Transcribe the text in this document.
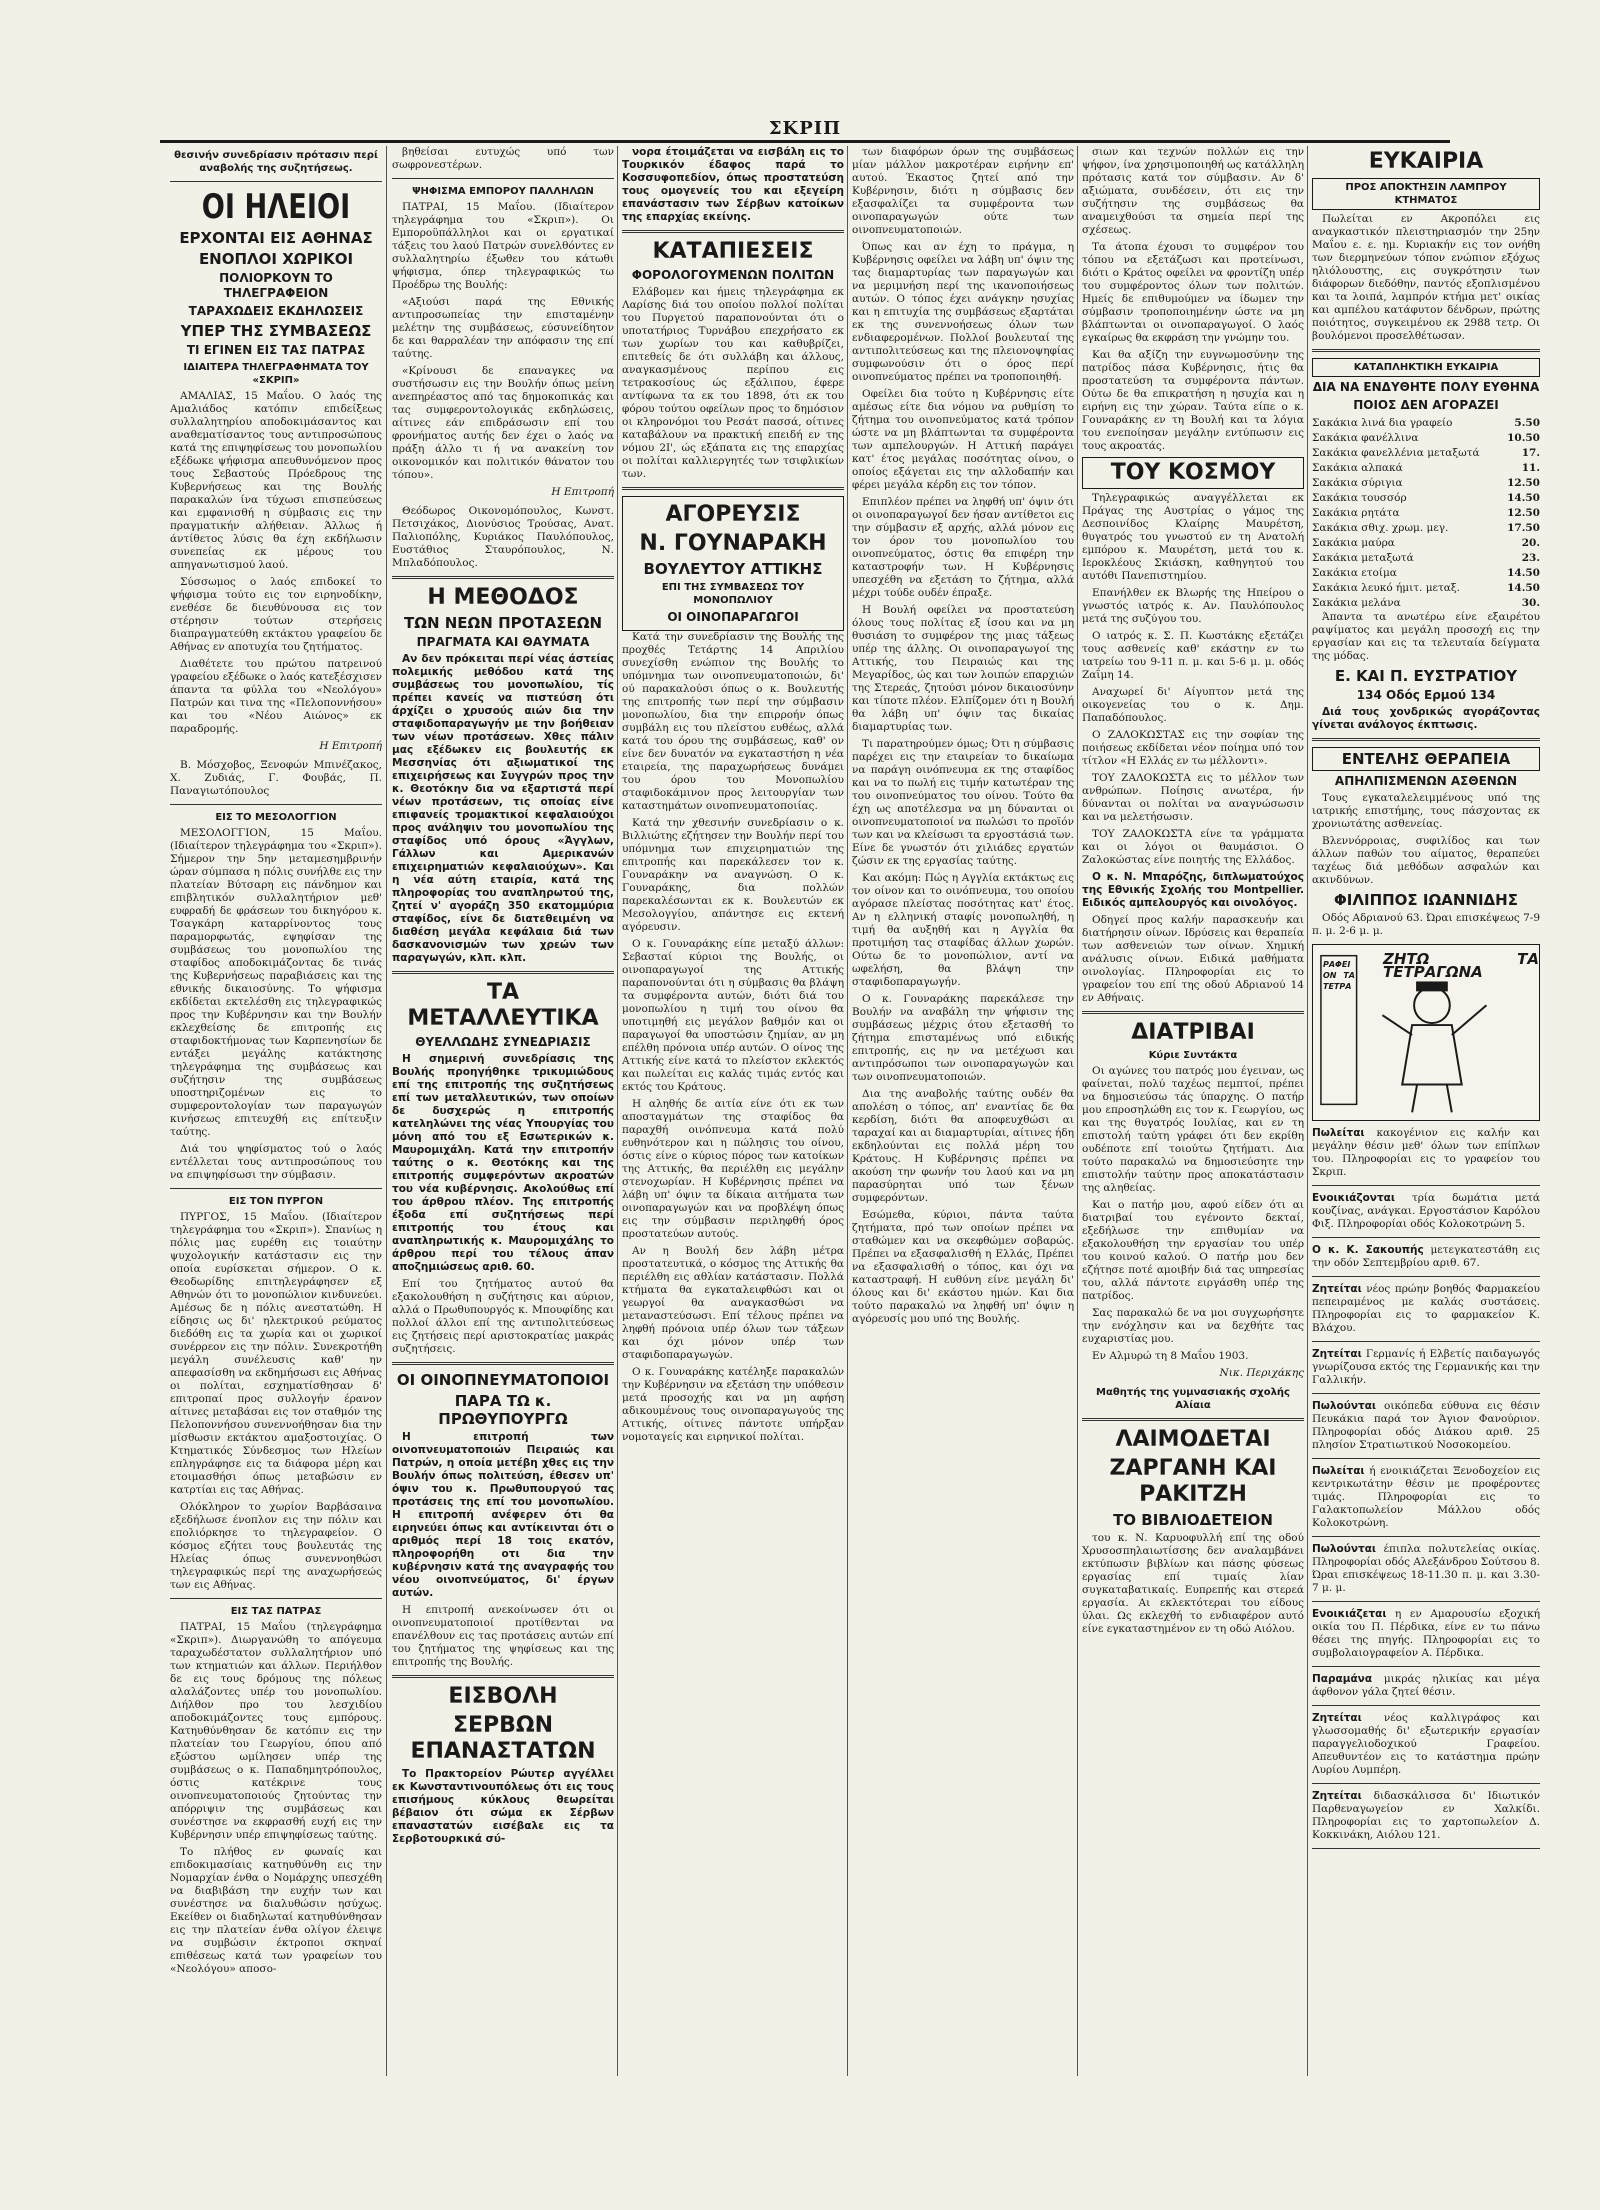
ΣΚΡΙΠ
θεσινήν συνεδρίασιν πρότασιν περί αναβολής της συζητήσεως.
ΟΙ ΗΛΕΙΟΙ
ΕΡΧΟΝΤΑΙ ΕΙΣ ΑΘΗΝΑΣ
ΕΝΟΠΛΟΙ ΧΩΡΙΚΟΙ
ΠΟΛΙΟΡΚΟΥΝ ΤΟ ΤΗΛΕΓΡΑΦΕΙΟΝ
ΤΑΡΑΧΩΔΕΙΣ ΕΚΔΗΛΩΣΕΙΣ
ΥΠΕΡ ΤΗΣ ΣΥΜΒΑΣΕΩΣ
ΤΙ ΕΓΙΝΕΝ ΕΙΣ ΤΑΣ ΠΑΤΡΑΣ
ΙΔΙΑΙΤΕΡΑ ΤΗΛΕΓΡΑΦΗΜΑΤΑ ΤΟΥ «ΣΚΡΙΠ»

ΑΜΑΛΙΑΣ, 15 Μαΐου. Ο λαός της Αμαλιάδος κατόπιν επιδείξεως συλλαλητηρίου αποδοκιμάσαντος και αναθεματίσαντος τους αντιπροσώπους κατά της επιψηφίσεως του μονοπωλίου εξέδωκε ψήφισμα απευθυνόμενον προς τους Σεβαστούς Πρόεδρους της Κυβερνήσεως και της Βουλής παρακαλών ίνα τύχωσι επισπεύσεως και εμφανισθή η σύμβασις εις την πραγματικήν αλήθειαν. Άλλως ή άντίθετος λύσις θα έχη εκδήλωσιν συνεπείας εκ μέρους του απηγανωτισμού λαού.

Σύσσωμος ο λαός επιδοκεί το ψήφισμα τούτο εις τον ειρηνοδίκην, ενεθέσε δε διευθύνουσα εις τον στέρησιν τούτων στερήσεις διαπραγματεύθη εκτάκτου γραφείου δε Αθήνας εν αποτυχία του ζητήματος.

Διαθέτετε του πρώτου πατρεινού γραφείου εξέδωκε ο λαός κατεξέσχισεν άπαντα τα φύλλα του «Νεολόγου» Πατρών και τινα της «Πελοποννήσου» και του «Νέου Αιώνος» εκ παραδρομής.

Η Επιτροπή

Β. Μόσχοβος, Ξενοφών Μπινέζακος, Χ. Ζυδιάς, Γ. Φουβάς, Π. Παναγιωτόπουλος

ΕΙΣ ΤΟ ΜΕΣΟΛΟΓΓΙΟΝ

ΜΕΣΟΛΟΓΓΙΟΝ, 15 Μαΐου. (Ιδιαίτερον τηλεγράφημα του «Σκριπ»). Σήμερον την 5ην μεταμεσημβρινήν ώραν σύμπασα η πόλις συνήλθε εις την πλατείαν Βύτσαρη εις πάνδημον και επιβλητικόν συλλαλητήριον μεθ' ευφραδή δε φράσεων του δικηγόρου κ. Τσαγκάρη καταρρίνοντος τους παραμορφωτάς, εψηφίσαν της συμβάσεως του μονοπωλίου της σταφίδος αποδοκιμάζοντας δε τινάς της Κυβερνήσεως παραβιάσεις και της εθνικής δικαιοσύνης. Το ψήφισμα εκδίδεται εκτελέσθη εις τηλεγραφικώς προς την Κυβέρνησιν και την Βουλήν εκλεχθείσης δε επιτροπής εις σταφιδοκτήμονας των Καρπενησίων δε εντάξει μεγάλης κατάκτησης τηλεγράφημα της συμβάσεως και συζήτησιν της συμβάσεως υποστηριζομένων εις το συμφεροντολογίαν των παραγωγών κινήσεως επιτευχθή εις επίτευξιν ταύτης.

Διά του ψηφίσματος τού ο λαός εντέλλεται τους αντιπροσώπους του να επιψηφίσωσι την σύμβασιν.

ΕΙΣ ΤΟΝ ΠΥΡΓΟΝ

ΠΥΡΓΟΣ, 15 Μαΐου. (Ιδιαίτερον τηλεγράφημα του «Σκριπ»). Σπανίως η πόλις μας ευρέθη εις τοιαύτην ψυχολογικήν κατάστασιν εις την οποία ευρίσκεται σήμερον. Ο κ. Θεοδωρίδης επιτηλεγράφησεν εξ Αθηνών ότι το μονοπώλιον κινδυνεύει. Αμέσως δε η πόλις ανεστατώθη. Η είδησις ως δι' ηλεκτρικού ρεύματος διεδόθη εις τα χωρία και οι χωρικοί συνέρρεον εις την πόλιν. Συνεκροτήθη μεγάλη συνέλευσις καθ' ην απεφασίσθη να εκδημήσωσι εις Αθήνας οι πολίται, εσχηματίσθησαν δ' επιτροπαί προς συλλογήν έρανον αίτινες μεταβάσαι εις τον σταθμόν της Πελοποννήσου συνεννοήθησαν δια την μίσθωσιν εκτάκτου αμαξοστοιχίας. Ο Κτηματικός Σύνδεσμος των Ηλείων επληγράφησε εις τα διάφορα μέρη και ετοιμασθήσι όπως μεταβώσιν εν κατρτίαι εις τας Αθήνας.

Ολόκληρον το χωρίον Βαρβάσαινα εξεδήλωσε ένοπλον εις την πόλιν και επολιόρκησε το τηλεγραφείον. Ο κόσμος εζήτει τους βουλευτάς της Ηλείας όπως συνεννοηθώσι τηλεγραφικώς περί της αναχωρήσεώς των εις Αθήνας.

ΕΙΣ ΤΑΣ ΠΑΤΡΑΣ

ΠΑΤΡΑΙ, 15 Μαΐου (τηλεγράφημα «Σκριπ»). Διωργανώθη το απόγευμα ταραχωδέστατον συλλαλητήριον υπό των κτηματιών και άλλων. Περιήλθον δε εις τους δρόμους της πόλεως αλαλάζοντες υπέρ του μονοπωλίου. Διήλθον προ του λεσχιδίου αποδοκιμάζοντες τους εμπόρους. Κατηυθύνθησαν δε κατόπιν εις την πλατείαν του Γεωργίου, όπου από εξώστου ωμίλησεν υπέρ της συμβάσεως ο κ. Παπαδημητρόπουλος, όστις κατέκρινε τους οινοπνευματοποιούς ζητούντας την απόρριψιν της συμβάσεως και συνέστησε να εκφρασθή ευχή εις την Κυβέρνησιν υπέρ επιψηφίσεως ταύτης.

Το πλήθος εν φωναίς και επιδοκιμασίαις κατηυθύνθη εις την Νομαρχίαν ένθα ο Νομάρχης υπεσχέθη να διαβιβάση την ευχήν των και συνέστησε να διαλυθώσιν ησύχως. Εκείθεν οι διαδηλωταί κατηυθύνθησαν εις την πλατείαν ένθα ολίγον έλειψε να συμβώσιν έκτροποι σκηναί επιθέσεως κατά των γραφείων του «Νεολόγου» αποσο-

βηθείσαι ευτυχώς υπό των σωφρονεστέρων.

ΨΗΦΙΣΜΑ ΕΜΠΟΡΟΥ ΠΑΛΛΗΛΩΝ

ΠΑΤΡΑΙ, 15 Μαΐου. (Ιδιαίτερον τηλεγράφημα του «Σκριπ»). Οι Εμποροϋπάλληλοι και οι εργατικαί τάξεις του λαού Πατρών συνελθόντες εν συλλαλητηρίω έξωθεν του κάτωθι ψήφισμα, όπερ τηλεγραφικώς τω Προέδρω της Βουλής:

«Αξιούσι παρά της Εθνικής αντιπροσωπείας την επισταμένην μελέτην της συμβάσεως, εύσυνείδητον δε και θαρραλέαν την απόφασιν της επί ταύτης.

«Κρίνουσι δε επαναγκες να συστήσωσιν εις την Βουλήν όπως μείνη ανεπηρέαστος από τας δημοκοπικάς και τας συμφεροντολογικάς εκδηλώσεις, αίτινες εάν επιδράσωσιν επί του φρονήματος αυτής δεν έχει ο λαός να πράξη άλλο τι ή να ανακείνη τον οικονομικόν και πολιτικόν θάνατον του τόπου».

Η Επιτροπή

Θεόδωρος Οικονομόπουλος, Κωνστ. Πετσιχάκος, Διονύσιος Τρούσας, Ανατ. Παλιοπόλης, Κυριάκος Παυλόπουλος, Ευστάθιος Σταυρόπουλος, Ν. Μπλαδόπουλος.

Η ΜΕΘΟΔΟΣ
ΤΩΝ ΝΕΩΝ ΠΡΟΤΑΣΕΩΝ
ΠΡΑΓΜΑΤΑ ΚΑΙ ΘΑΥΜΑΤΑ

Αν δεν πρόκειται περί νέας άστείας πολεμικής μεθόδου κατά της συμβάσεως του μονοπωλίου, τίς πρέπει κανείς να πιστεύση ότι άρχίζει ο χρυσούς αιών δια την σταφιδοπαραγωγήν με την βοήθειαν των νέων προτάσεων. Χθες πάλιν μας εξέδωκεν εις βουλευτής εκ Μεσσηνίας ότι αξιωματικοί της επιχειρήσεως και Συγγρών προς την κ. Θεοτόκην δια να εξαρτιστά περί νέων προτάσεων, τις οποίας είνε επιφανείς τρομακτικοί κεφαλαιούχοι προς ανάληψιν του μονοπωλίου της σταφίδος υπό όρους «Άγγλων, Γάλλων και Αμερικανών επιχειρηματιών κεφαλαιούχων». Και η νέα αύτη εταιρία, κατά της πληροφορίας του αναπληρωτού της, ζητεί ν' αγοράζη 350 εκατομμύρια σταφίδος, είνε δε διατεθειμένη να διαθέση μεγάλα κεφάλαια διά των δασκανονισμών των χρεών των παραγωγών, κλπ. κλπ.

ΤΑ ΜΕΤΑΛΛΕΥΤΙΚΑ
ΘΥΕΛΛΩΔΗΣ ΣΥΝΕΔΡΙΑΣΙΣ

Η σημερινή συνεδρίασις της Βουλής προηγήθηκε τρικυμιώδους επί της επιτροπής της συζητήσεως επί των μεταλλευτικών, των οποίων δε δυσχερώς η επιτροπής κατεληλώνει της νέας Υπουργίας του μόνη από του εξ Εσωτερικών κ. Μαυρομιχάλη. Κατά την επιτροπήν ταύτης ο κ. Θεοτόκης και της επιτροπής συμφερόντων ακροατών του νέα κυβέρνησις. Ακολούθως επί του άρθρου πλέον. Της επιτροπής έξοδα επί συζητήσεως περί επιτροπής του έτους και αναπληρωτικής κ. Μαυρομιχάλης το άρθρου περί του τέλους άπαν αποζημιώσεως αριθ. 60.

Επί του ζητήματος αυτού θα εξακολουθήση η συζήτησις και αύριον, αλλά ο Πρωθυπουργός κ. Μπουφίδης και πολλοί άλλοι επί της αντιπολιτεύσεως εις ζητήσεις περί αριστοκρατίας μακράς συζητήσεις.

ΟΙ ΟΙΝΟΠΝΕΥΜΑΤΟΠΟΙΟΙ
ΠΑΡΑ ΤΩ κ. ΠΡΩΘΥΠΟΥΡΓΩ

Η επιτροπή των οινοπνευματοποιών Πειραιώς και Πατρών, η οποία μετέβη χθες εις την Βουλήν όπως πολιτεύση, έθεσεν υπ' όψιν του κ. Πρωθυπουργού τας προτάσεις της επί του μονοπωλίου. Η επιτροπή ανέφερεν ότι θα ειρηνεύει όπως και αντίκεινται ότι ο αριθμός περί 18 τοις εκατόν, πληροφορήθη οτι δια την κυβέρνησιν κατά της αναγραφής του νέου οινοπνεύματος, δι' έργων αυτών.

Η επιτροπή ανεκοίνωσεν ότι οι οινοπνευματοποιοί προτίθενται να επανέλθουν εις τας προτάσεις αυτών επί του ζητήματος της ψηφίσεως και της επιτροπής της Βουλής.

ΕΙΣΒΟΛΗ
ΣΕΡΒΩΝ ΕΠΑΝΑΣΤΑΤΩΝ

Το Πρακτορείον Ρώυτερ αγγέλλει εκ Κωνσταντινουπόλεως ότι εις τους επισήμους κύκλους θεωρείται βέβαιον ότι σώμα εκ Σέρβων επαναστατών εισέβαλε εις τα Σερβοτουρκικά σύ-

νορα έτοιμάζεται να εισβάλη εις το Τουρκικόν έδαφος παρά το Κοσσυφοπεδίον, όπως προστατεύση τους ομογενείς του και εξεγείρη επανάστασιν των Σέρβων κατοίκων της επαρχίας εκείνης.

ΚΑΤΑΠΙΕΣΕΙΣ
ΦΟΡΟΛΟΓΟΥΜΕΝΩΝ ΠΟΛΙΤΩΝ

Ελάβομεν και ήμεις τηλεγράφημα εκ Λαρίσης διά του οποίου πολλοί πολίται του Πυργετού παραπονούνται ότι ο υποτατήριος Τυρνάβου επεχρήσατο εκ των χωρίων του και καθυβρίζει, επιτεθείς δε ότι συλλάβη και άλλους, αναγκασμένους περίπου εις τετρακοσίους ώς εξάλιπου, έφερε αντίφωνα τα εκ του 1898, ότι εκ του φόρου τούτου οφείλων προς το δημόσιον οι κληρονόμοι του Ρεσάτ πασσά, οίτινες καταβάλουν να πρακτική επειδή εν της νόμου 2Ι', ώς εξάπατα εις της επαρχίας οι πολίται καλλιεργητές των τσιφλικίων των.

ΑΓΟΡΕΥΣΙΣ
Ν. ΓΟΥΝΑΡΑΚΗ
ΒΟΥΛΕΥΤΟΥ ΑΤΤΙΚΗΣ
ΕΠΙ ΤΗΣ ΣΥΜΒΑΣΕΩΣ ΤΟΥ ΜΟΝΟΠΩΛΙΟΥ
ΟΙ ΟΙΝΟΠΑΡΑΓΩΓΟΙ

Κατά την συνεδρίασιν της Βουλής της προχθές Τετάρτης 14 Απριλίου συνεχίσθη ενώπιον της Βουλής το υπόμνημα των οινοπνευματοποιών, δι' ού παρακαλούσι όπως ο κ. Βουλευτής της επιτροπής των περί την σύμβασιν μονοπωλίου, δια την επιρροήν όπως συμβάλη εις του πλείστου ευθέως, αλλά κατά του όρου της συμβάσεως, καθ' ον είνε δεν δυνατόν να εγκαταστήση η νέα εταιρεία, της παραχωρήσεως δυνάμει του όρου του Μονοπωλίου σταφιδοκάμινον προς λειτουργίαν των καταστημάτων οινοπνευματοποιίας.

Κατά την χθεσινήν συνεδρίασιν ο κ. Βιλλιώτης εζήτησεν την Βουλήν περί του υπόμνημα των επιχειρηματιών της επιτροπής και παρεκάλεσεν τον κ. Γουναράκην να αναγνώση. Ο κ. Γουναράκης, δια πολλών παρεκαλέσωνται εκ κ. Βουλευτών εκ Μεσολογγίου, απάντησε εις εκτενή αγόρευσιν.

Ο κ. Γουναράκης είπε μεταξύ άλλων: Σεβασταί κύριοι της Βουλής, οι οινοπαραγωγοί της Αττικής παραπονούνται ότι η σύμβασις θα βλάψη τα συμφέροντα αυτών, διότι διά του μονοπωλίου η τιμή του οίνου θα υποτιμηθή εις μεγάλον βαθμόν και οι παραγωγοί θα υποστώσιν ζημίαν, αν μη επέλθη πρόνοια υπέρ αυτών. Ο οίνος της Αττικής είνε κατά το πλείστον εκλεκτός και πωλείται εις καλάς τιμάς εντός και εκτός του Κράτους.

Η αληθής δε αιτία είνε ότι εκ των αποσταγμάτων της σταφίδος θα παραχθή οινόπνευμα κατά πολύ ευθηνότερον και η πώλησις του οίνου, όστις είνε ο κύριος πόρος των κατοίκων της Αττικής, θα περιέλθη εις μεγάλην στενοχωρίαν. Η Κυβέρνησις πρέπει να λάβη υπ' όψιν τα δίκαια αιτήματα των οινοπαραγωγών και να προβλέψη όπως εις την σύμβασιν περιληφθή όρος προστατεύων αυτούς.

Αν η Βουλή δεν λάβη μέτρα προστατευτικά, ο κόσμος της Αττικής θα περιέλθη εις αθλίαν κατάστασιν. Πολλά κτήματα θα εγκαταλειφθώσι και οι γεωργοί θα αναγκασθώσι να μεταναστεύσωσι. Επί τέλους πρέπει να ληφθή πρόνοια υπέρ όλων των τάξεων και όχι μόνον υπέρ των σταφιδοπαραγωγών.

Ο κ. Γουναράκης κατέληξε παρακαλών την Κυβέρνησιν να εξετάση την υπόθεσιν μετά προσοχής και να μη αφήση αδικουμένους τους οινοπαραγωγούς της Αττικής, οίτινες πάντοτε υπήρξαν νομοταγείς και ειρηνικοί πολίται.

των διαφόρων όρων της συμβάσεως μίαν μάλλον μακροτέραν ειρήνην επ' αυτού. Έκαστος ζητεί από την Κυβέρνησιν, διότι η σύμβασις δεν εξασφαλίζει τα συμφέροντα των οινοπαραγωγών ούτε των οινοπνευματοποιών.

Όπως και αν έχη το πράγμα, η Κυβέρνησις οφείλει να λάβη υπ' όψιν της τας διαμαρτυρίας των παραγωγών και να μεριμνήση περί της ικανοποιήσεως αυτών. Ο τόπος έχει ανάγκην ησυχίας και η επιτυχία της συμβάσεως εξαρτάται εκ της συνεννοήσεως όλων των ενδιαφερομένων. Πολλοί βουλευταί της αντιπολιτεύσεως και της πλειονοψηφίας συμφωνούσιν ότι ο όρος περί οινοπνεύματος πρέπει να τροποποιηθή.

Οφείλει δια τούτο η Κυβέρνησις είτε αμέσως είτε δια νόμου να ρυθμίση το ζήτημα του οινοπνεύματος κατά τρόπον ώστε να μη βλάπτωνται τα συμφέροντα των αμπελουργών. Η Αττική παράγει κατ' έτος μεγάλας ποσότητας οίνου, ο οποίος εξάγεται εις την αλλοδαπήν και φέρει μεγάλα κέρδη εις τον τόπον.

Επιπλέον πρέπει να ληφθή υπ' όψιν ότι οι οινοπαραγωγοί δεν ήσαν αντίθετοι εις την σύμβασιν εξ αρχής, αλλά μόνον εις τον όρον του μονοπωλίου του οινοπνεύματος, όστις θα επιφέρη την καταστροφήν των. Η Κυβέρνησις υπεσχέθη να εξετάση το ζήτημα, αλλά μέχρι τούδε ουδέν έπραξε.

Η Βουλή οφείλει να προστατεύση όλους τους πολίτας εξ ίσου και να μη θυσιάση το συμφέρον της μιας τάξεως υπέρ της άλλης. Οι οινοπαραγωγοί της Αττικής, του Πειραιώς και της Μεγαρίδος, ώς και των λοιπών επαρχιών της Στερεάς, ζητούσι μόνον δικαιοσύνην και τίποτε πλέον. Ελπίζομεν ότι η Βουλή θα λάβη υπ' όψιν τας δικαίας διαμαρτυρίας των.

Τι παρατηρούμεν όμως; Ότι η σύμβασις παρέχει εις την εταιρείαν το δικαίωμα να παράγη οινόπνευμα εκ της σταφίδος και να το πωλή εις τιμήν κατωτέραν της του οινοπνεύματος του οίνου. Τούτο θα έχη ως αποτέλεσμα να μη δύνανται οι οινοπνευματοποιοί να πωλώσι το προϊόν των και να κλείσωσι τα εργοστάσιά των. Είνε δε γνωστόν ότι χιλιάδες εργατών ζώσιν εκ της εργασίας ταύτης.

Και ακόμη: Πώς η Αγγλία εκτάκτως εις τον οίνον και το οινόπνευμα, του οποίου αγόρασε πλείστας ποσότητας κατ' έτος. Αν η ελληνική σταφίς μονοπωληθή, η τιμή θα αυξηθή και η Αγγλία θα προτιμήση τας σταφίδας άλλων χωρών. Ούτω δε το μονοπώλιον, αντί να ωφελήση, θα βλάψη την σταφιδοπαραγωγήν.

Ο κ. Γουναράκης παρεκάλεσε την Βουλήν να αναβάλη την ψήφισιν της συμβάσεως μέχρις ότου εξετασθή το ζήτημα επισταμένως υπό ειδικής επιτροπής, εις ην να μετέχωσι και αντιπρόσωποι των οινοπαραγωγών και των οινοπνευματοποιών.

Δια της αναβολής ταύτης ουδέν θα απολέση ο τόπος, απ' εναντίας δε θα κερδίση, διότι θα αποφευχθώσι αι ταραχαί και αι διαμαρτυρίαι, αίτινες ήδη εκδηλούνται εις πολλά μέρη του Κράτους. Η Κυβέρνησις πρέπει να ακούση την φωνήν του λαού και να μη παρασύρηται υπό των ξένων συμφερόντων.

Εσώμεθα, κύριοι, πάντα ταύτα ζητήματα, πρό των οποίων πρέπει να σταθώμεν και να σκεφθώμεν σοβαρώς. Πρέπει να εξασφαλισθή η Ελλάς, Πρέπει να εξασφαλισθή ο τόπος, και όχι να καταστραφή. Η ευθύνη είνε μεγάλη δι' όλους και δι' εκάστου ημών. Και δια τούτο παρακαλώ να ληφθή υπ' όψιν η αγόρευσίς μου υπό της Βουλής.

σιων και τεχνών πολλών εις την ψήφον, ίνα χρησιμοποιηθή ως κατάλληλη πρότασις κατά τον σύμβασιν. Αν δ' αξιώματα, συνδέσειν, ότι εις την συζήτησιν της συμβάσεως θα αναμειχθούσι τα σημεία περί της σχέσεως.

Τα άτοπα έχουσι το συμφέρον του τόπου να εξετάζωσι και προτείνωσι, διότι ο Κράτος οφείλει να φροντίζη υπέρ του συμφέροντος όλων των πολιτών. Ημείς δε επιθυμούμεν να ίδωμεν την σύμβασιν τροποποιημένην ώστε να μη βλάπτωνται οι οινοπαραγωγοί. Ο λαός εγκαίρως θα εκφράση την γνώμην του.

Και θα αξίζη την ευγνωμοσύνην της πατρίδος πάσα Κυβέρνησις, ήτις θα προστατεύση τα συμφέροντα πάντων. Ούτω δε θα επικρατήση η ησυχία και η ειρήνη εις την χώραν. Ταύτα είπε ο κ. Γουναράκης εν τη Βουλή και τα λόγια του ενεποίησαν μεγάλην εντύπωσιν εις τους ακροατάς.

ΤΟΥ ΚΟΣΜΟΥ

Τηλεγραφικώς αναγγέλλεται εκ Πράγας της Αυστρίας ο γάμος της Δεσποινίδος Κλαίρης Μαυρέτση, θυγατρός του γνωστού εν τη Ανατολή εμπόρου κ. Μαυρέτση, μετά του κ. Ιεροκλέους Σκιάσκη, καθηγητού του αυτόθι Πανεπιστημίου.

Επανήλθεν εκ Βλωρής της Ηπείρου ο γνωστός ιατρός κ. Αν. Παυλόπουλος μετά της συζύγου του.

Ο ιατρός κ. Σ. Π. Κωστάκης εξετάζει τους ασθενείς καθ' εκάστην εν τω ιατρείω του 9-11 π. μ. και 5-6 μ. μ. οδός Ζαΐμη 14.

Αναχωρεί δι' Αίγυπτον μετά της οικογενείας του ο κ. Δημ. Παπαδόπουλος.

Ο ΖΑΛΟΚΩΣΤΑΣ εις την σοφίαν της ποιήσεως εκδίδεται νέον ποίημα υπό τον τίτλον «Η Ελλάς εν τω μέλλοντι».

ΤΟΥ ΖΑΛΟΚΩΣΤΑ εις το μέλλον των ανθρώπων. Ποίησις ανωτέρα, ήν δύνανται οι πολίται να αναγνώσωσιν και να μελετήσωσιν.

ΤΟΥ ΖΑΛΟΚΩΣΤΑ είνε τα γράμματα και οι λόγοι οι θαυμάσιοι. Ο Ζαλοκώστας είνε ποιητής της Ελλάδος.

Ο κ. Ν. Μπαρόζης, διπλωματούχος της Εθνικής Σχολής του Montpellier. Ειδικός αμπελουργός και οινολόγος.

Οδηγεί προς καλήν παρασκευήν και διατήρησιν οίνων. Ιδρύσεις και θεραπεία των ασθενειών των οίνων. Χημική ανάλυσις οίνων. Ειδικά μαθήματα οινολογίας. Πληροφορίαι εις το γραφείον του επί της οδού Αδριανού 14 εν Αθήναις.

ΔΙΑΤΡΙΒΑΙ
Κύριε Συντάκτα

Οι αγώνες του πατρός μου έγειναν, ως φαίνεται, πολύ ταχέως πεμπτοί, πρέπει να δημοσιεύσω τάς ύπαρχης. Ο πατήρ μου επροσηλώθη εις τον κ. Γεωργίου, ως και της θυγατρός Ιουλίας, και εν τη επιστολή ταύτη γράφει ότι δεν εκρίθη ουδέποτε επί τοιούτω ζητήματι. Δια τούτο παρακαλώ να δημοσιεύσητε την επιστολήν ταύτην προς αποκατάστασιν της αληθείας.

Και ο πατήρ μου, αφού είδεν ότι αι διατριβαί του εγένοντο δεκταί, εξεδήλωσε την επιθυμίαν να εξακολουθήση την εργασίαν του υπέρ του κοινού καλού. Ο πατήρ μου δεν εζήτησε ποτέ αμοιβήν διά τας υπηρεσίας του, αλλά πάντοτε ειργάσθη υπέρ της πατρίδος.

Σας παρακαλώ δε να μοι συγχωρήσητε την ενόχλησιν και να δεχθήτε τας ευχαριστίας μου.

Εν Αλμυρώ τη 8 Μαΐου 1903.

Νικ. Περιχάκης
Μαθητής της γυμνασιακής σχολής Αλίαια
ΛΑΙΜΟΔΕΤΑΙ
ΖΑΡΓΑΝΗ ΚΑΙ ΡΑΚΙΤΖΗ
ΤΟ ΒΙΒΛΙΟΔΕΤΕΙΟΝ

του κ. Ν. Καρυοφυλλή επί της οδού Χρυσοσπηλαιωτίσσης δεν αναλαμβάνει εκτύπωσιν βιβλίων και πάσης φύσεως εργασίας επί τιμαίς λίαν συγκαταβατικαίς. Ευπρεπής και στερεά εργασία. Αι εκλεκτότεραι του είδους ύλαι. Ως εκλεχθή το ενδιαφέρον αυτό είνε εγκαταστημένον εν τη οδώ Αιόλου.

ΕΥΚΑΙΡΙΑ
ΠΡΟΣ ΑΠΟΚΤΗΣΙΝ ΛΑΜΠΡΟΥ ΚΤΗΜΑΤΟΣ

Πωλείται εν Ακροπόλει εις αναγκαστικόν πλειστηριασμόν την 25ην Μαΐου ε. ε. ημ. Κυριακήν εις τον ονήθη των διερμηνεύων τόπον ενώπιον εξόχως ηλιόλουστης, εις συγκρότησιν των διάφορων διεδόθην, παντός εξοπλισμένου και τα λοιπά, λαμπρόν κτήμα μετ' οικίας και αμπέλου κατάφυτον δένδρων, πρώτης ποιότητος, συγκειμένου εκ 2988 τετρ. Οι βουλόμενοι προσελθέτωσαν.

ΚΑΤΑΠΛΗΚΤΙΚΗ ΕΥΚΑΙΡΙΑ
ΔΙΑ ΝΑ ΕΝΔΥΘΗΤΕ ΠΟΛΥ ΕΥΘΗΝΑ
ΠΟΙΟΣ ΔΕΝ ΑΓΟΡΑΖΕΙ
Σακάκια λινά δια γραφείο	5.50
Σακάκια φανέλλινα	10.50
Σακάκια φανελλένια μεταξωτά	17.
Σακάκια αλπακά	11.
Σακάκια σύριγια	12.50
Σακάκια τουσσόρ	14.50
Σακάκια ρητάτα	12.50
Σακάκια σθιχ. χρωμ. μεγ.	17.50
Σακάκια μαύρα	20.
Σακάκια μεταξωτά	23.
Σακάκια ετοίμα	14.50
Σακάκια λευκό ήμιτ. μεταξ.	14.50
Σακάκια μελάνα	30.

Άπαντα τα ανωτέρω είνε εξαιρέτου ραψίματος και μεγάλη προσοχή εις την εργασίαν και εις τα τελευταία δείγματα της μόδας.

Ε. ΚΑΙ Π. ΕΥΣΤΡΑΤΙΟΥ
134 Οδός Ερμού 134

Διά τους χονδρικώς αγοράζοντας γίνεται ανάλογος έκπτωσις.

ΕΝΤΕΛΗΣ ΘΕΡΑΠΕΙΑ
ΑΠΗΛΠΙΣΜΕΝΩΝ ΑΣΘΕΝΩΝ

Τους εγκαταλελειμμένους υπό της ιατρικής επιστήμης, τους πάσχοντας εκ χρονιωτάτης ασθενείας.

Βλεννόρροιας, συφιλίδος και των άλλων παθών του αίματος, θεραπεύει ταχέως διά μεθόδων ασφαλών και ακινδύνων.

ΦΙΛΙΠΠΟΣ ΙΩΑΝΝΙΔΗΣ

Οδός Αδριανού 63. Ώραι επισκέψεως 7-9 π. μ. 2-6 μ. μ.

ΖΗΤΩ ΤΑ ΤΕΤΡΑΓΩΝΑ
ΡΑΦΕΙΟΝ ΤΑ ΤΕΤΡΑ
Πωλείται κακογένιον εις καλήν και μεγάλην θέσιν μεθ' όλων των επίπλων του. Πληροφορίαι εις το γραφείον του Σκριπ.
Ενοικιάζονται τρία δωμάτια μετά κουζίνας, ανάγκαι. Εργοστάσιον Καρόλου Φιξ. Πληροφορίαι οδός Κολοκοτρώνη 5.
Ο κ. Κ. Σακουπής μετεγκατεστάθη εις την οδόν Σεπτεμβρίου αριθ. 67.
Ζητείται νέος πρώην βοηθός Φαρμακείου πεπειραμένος με καλάς συστάσεις. Πληροφορίαι εις το φαρμακείον Κ. Βλάχου.
Ζητείται Γερμανίς ή Ελβετίς παιδαγωγός γνωρίζουσα εκτός της Γερμανικής και την Γαλλικήν.
Πωλούνται οικόπεδα εύθυνα εις θέσιν Πευκάκια παρά τον Άγιον Φανούριον. Πληροφορίαι οδός Διάκου αριθ. 25 πλησίον Στρατιωτικού Νοσοκομείου.
Πωλείται ή ενοικιάζεται Ξενοδοχείον εις κεντρικωτάτην θέσιν με προφέροντες τιμάς. Πληροφορίαι εις το Γαλακτοπωλείον Μάλλου οδός Κολοκοτρώνη.
Πωλούνται έπιπλα πολυτελείας οικίας. Πληροφορίαι οδός Αλεξάνδρου Σούτσου 8. Ώραι επισκέψεως 18-11.30 π. μ. και 3.30-7 μ. μ.
Ενοικιάζεται η εν Αμαρουσίω εξοχική οικία του Π. Πέρδικα, είνε εν τω πάνω θέσει της πηγής. Πληροφορίαι εις το συμβολαιογραφείον Α. Πέρδικα.
Παραμάνα μικράς ηλικίας και μέγα άφθονον γάλα ζητεί θέσιν.
Ζητείται νέος καλλιγράφος και γλωσσομαθής δι' εξωτερικήν εργασίαν παραγγελιοδοχικού Γραφείου. Απευθυντέον εις το κατάστημα πρώην Λυρίου Λυμπέρη.
Ζητείται διδασκάλισσα δι' Ιδιωτικόν Παρθεναγωγείον εν Χαλκίδι. Πληροφορίαι εις το χαρτοπωλείον Δ. Κοκκινάκη, Αιόλου 121.
